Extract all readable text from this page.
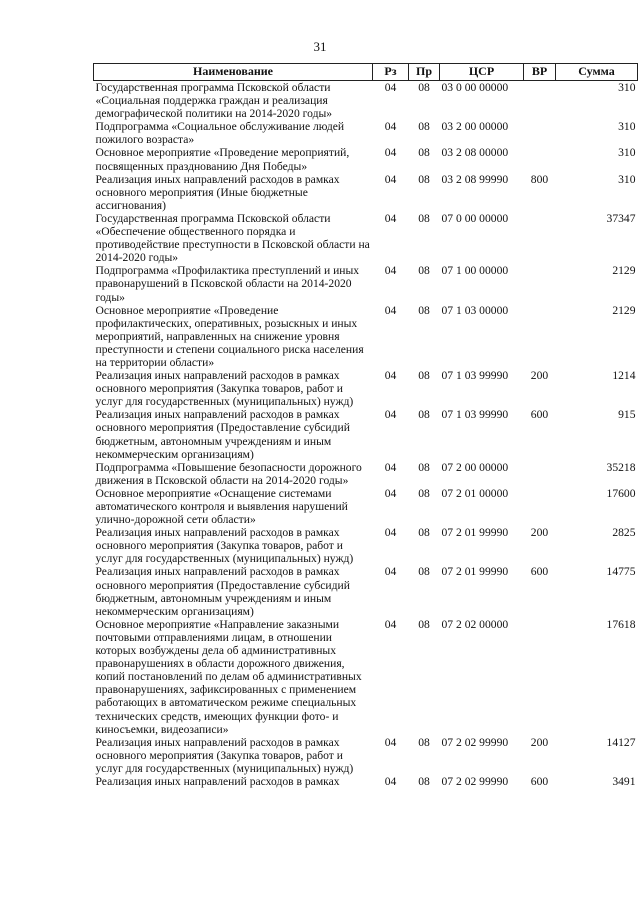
31
Наименование	Рз	Пр	ЦСР	ВР	Сумма
Государственная программа Псковской области «Социальная поддержка граждан и реализация демографической политики на 2014-2020 годы»	04	08	03 0 00 00000		310
Подпрограмма «Социальное обслуживание людей пожилого возраста»	04	08	03 2 00 00000		310
Основное мероприятие «Проведение мероприятий, посвященных празднованию Дня Победы»	04	08	03 2 08 00000		310
Реализация иных направлений расходов в рамках основного мероприятия (Иные бюджетные ассигнования)	04	08	03 2 08 99990	800	310
Государственная программа Псковской области «Обеспечение общественного порядка и противодействие преступности в Псковской области на 2014-2020 годы»	04	08	07 0 00 00000		37347
Подпрограмма «Профилактика преступлений и иных правонарушений в Псковской области на 2014-2020 годы»	04	08	07 1 00 00000		2129
Основное мероприятие «Проведение профилактических, оперативных, розыскных и иных мероприятий, направленных на снижение уровня преступности и степени социального риска населения на территории области»	04	08	07 1 03 00000		2129
Реализация иных направлений расходов в рамках основного мероприятия (Закупка товаров, работ и услуг для государственных (муниципальных) нужд)	04	08	07 1 03 99990	200	1214
Реализация иных направлений расходов в рамках основного мероприятия (Предоставление субсидий бюджетным, автономным учреждениям и иным некоммерческим организациям)	04	08	07 1 03 99990	600	915
Подпрограмма «Повышение безопасности дорожного движения в Псковской области на 2014-2020 годы»	04	08	07 2 00 00000		35218
Основное мероприятие «Оснащение системами автоматического контроля и выявления нарушений улично-дорожной сети области»	04	08	07 2 01 00000		17600
Реализация иных направлений расходов в рамках основного мероприятия (Закупка товаров, работ и услуг для государственных (муниципальных) нужд)	04	08	07 2 01 99990	200	2825
Реализация иных направлений расходов в рамках основного мероприятия (Предоставление субсидий бюджетным, автономным учреждениям и иным некоммерческим организациям)	04	08	07 2 01 99990	600	14775
Основное мероприятие «Направление заказными почтовыми отправлениями лицам, в отношении которых возбуждены дела об административных правонарушениях в области дорожного движения, копий постановлений по делам об административных правонарушениях, зафиксированных с применением работающих в автоматическом режиме специальных технических средств, имеющих функции фото- и киносъемки, видеозаписи»	04	08	07 2 02 00000		17618
Реализация иных направлений расходов в рамках основного мероприятия (Закупка товаров, работ и услуг для государственных (муниципальных) нужд)	04	08	07 2 02 99990	200	14127
Реализация иных направлений расходов в рамках	04	08	07 2 02 99990	600	3491
